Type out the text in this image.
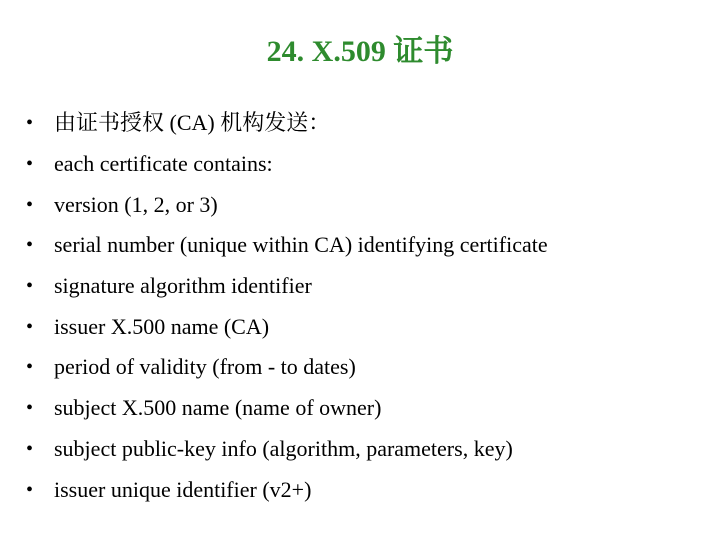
24. X.509 证书
• 由证书授权 (CA) 机构发送：
• each certificate contains:
• version (1, 2, or 3)
• serial number (unique within CA) identifying certificate
• signature algorithm identifier
• issuer X.500 name (CA)
• period of validity (from - to dates)
• subject X.500 name (name of owner)
• subject public-key info (algorithm, parameters, key)
• issuer unique identifier (v2+)
